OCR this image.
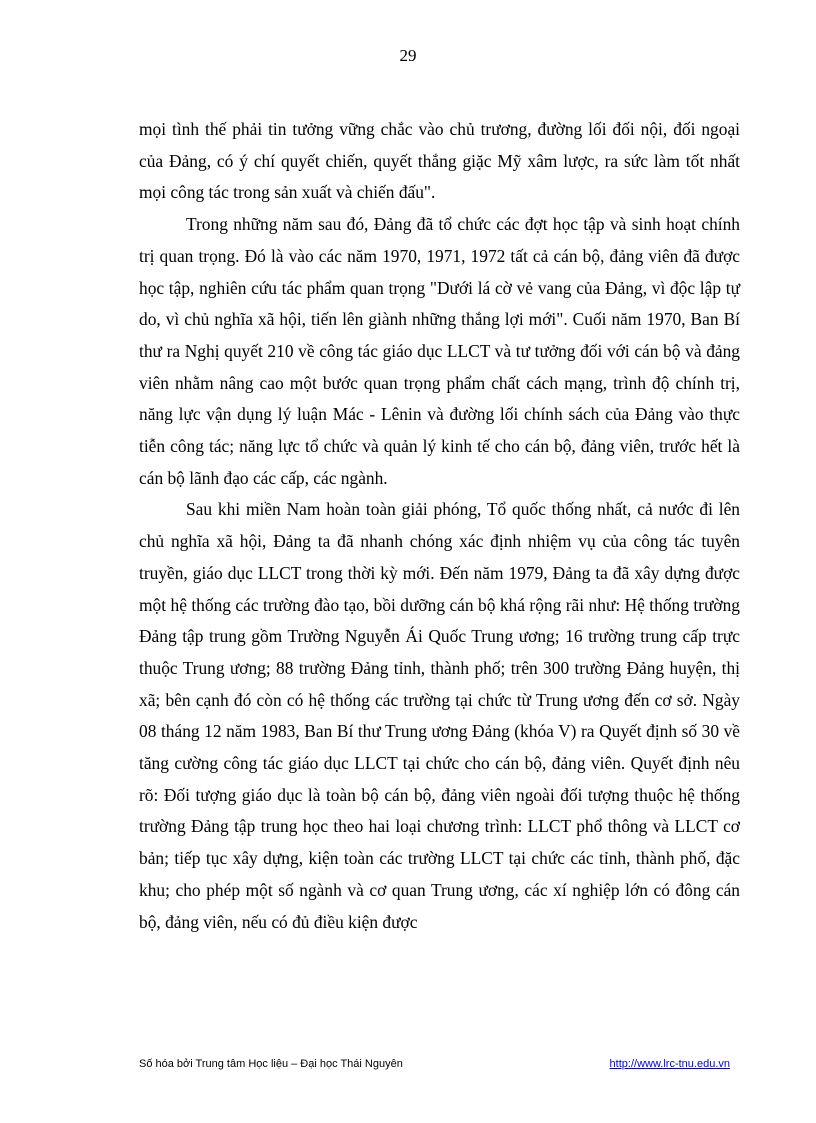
29

mọi tình thế phải tin tưởng vững chắc vào chủ trương, đường lối đối nội, đối ngoại của Đảng, có ý chí quyết chiến, quyết thắng giặc Mỹ xâm lược, ra sức làm tốt nhất mọi công tác trong sản xuất và chiến đấu".

Trong những năm sau đó, Đảng đã tổ chức các đợt học tập và sinh hoạt chính trị quan trọng. Đó là vào các năm 1970, 1971, 1972 tất cả cán bộ, đảng viên đã được học tập, nghiên cứu tác phẩm quan trọng "Dưới lá cờ vẻ vang của Đảng, vì độc lập tự do, vì chủ nghĩa xã hội, tiến lên giành những thắng lợi mới". Cuối năm 1970, Ban Bí thư ra Nghị quyết 210 về công tác giáo dục LLCT và tư tưởng đối với cán bộ và đảng viên nhằm nâng cao một bước quan trọng phẩm chất cách mạng, trình độ chính trị, năng lực vận dụng lý luận Mác - Lênin và đường lối chính sách của Đảng vào thực tiễn công tác; năng lực tổ chức và quản lý kinh tế cho cán bộ, đảng viên, trước hết là cán bộ lãnh đạo các cấp, các ngành.

Sau khi miền Nam hoàn toàn giải phóng, Tổ quốc thống nhất, cả nước đi lên chủ nghĩa xã hội, Đảng ta đã nhanh chóng xác định nhiệm vụ của công tác tuyên truyền, giáo dục LLCT trong thời kỳ mới. Đến năm 1979, Đảng ta đã xây dựng được một hệ thống các trường đào tạo, bồi dưỡng cán bộ khá rộng rãi như: Hệ thống trường Đảng tập trung gồm Trường Nguyễn Ái Quốc Trung ương; 16 trường trung cấp trực thuộc Trung ương; 88 trường Đảng tỉnh, thành phố; trên 300 trường Đảng huyện, thị xã; bên cạnh đó còn có hệ thống các trường tại chức từ Trung ương đến cơ sở. Ngày 08 tháng 12 năm 1983, Ban Bí thư Trung ương Đảng (khóa V) ra Quyết định số 30 về tăng cường công tác giáo dục LLCT tại chức cho cán bộ, đảng viên. Quyết định nêu rõ: Đối tượng giáo dục là toàn bộ cán bộ, đảng viên ngoài đối tượng thuộc hệ thống trường Đảng tập trung học theo hai loại chương trình: LLCT phổ thông và LLCT cơ bản; tiếp tục xây dựng, kiện toàn các trường LLCT tại chức các tỉnh, thành phố, đặc khu; cho phép một số ngành và cơ quan Trung ương, các xí nghiệp lớn có đông cán bộ, đảng viên, nếu có đủ điều kiện được

Số hóa bởi Trung tâm Học liệu – Đại học Thái Nguyên	http://www.lrc-tnu.edu.vn
